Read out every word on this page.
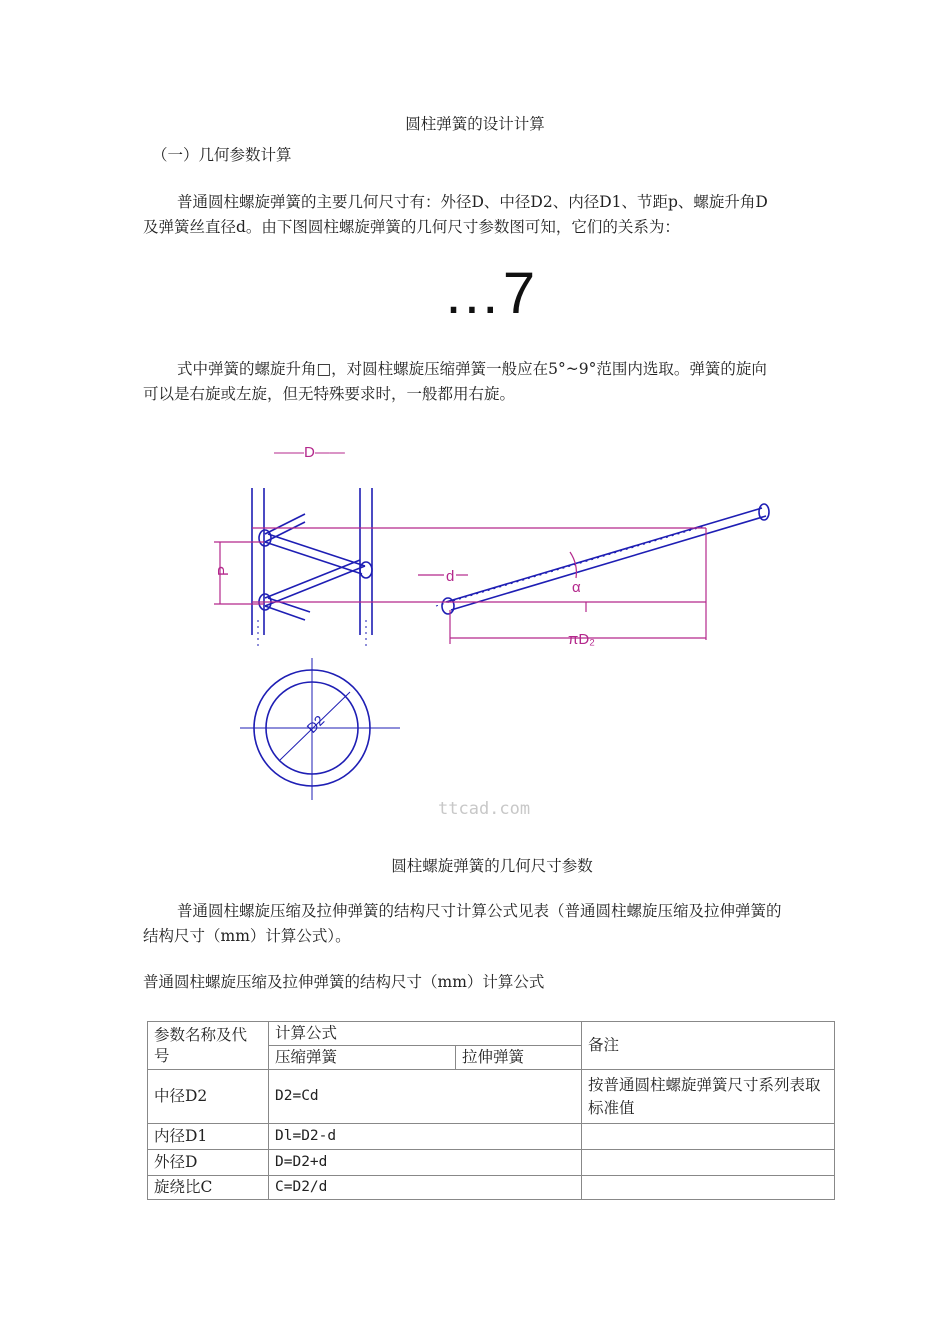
圆柱弹簧的设计计算
（一）几何参数计算
普通圆柱螺旋弹簧的主要几何尺寸有：外径D、中径D2、内径D1、节距p、螺旋升角D
及弹簧丝直径d。由下图圆柱螺旋弹簧的几何尺寸参数图可知，它们的关系为：
…7
式中弹簧的螺旋升角□，对圆柱螺旋压缩弹簧一般应在5°~9°范围内选取。弹簧的旋向
可以是右旋或左旋，但无特殊要求时，一般都用右旋。
——D——
P	d
α
πD₂
D2
ttcad.com
圆柱螺旋弹簧的几何尺寸参数
普通圆柱螺旋压缩及拉伸弹簧的结构尺寸计算公式见表（普通圆柱螺旋压缩及拉伸弹簧的
结构尺寸（mm）计算公式）。
普通圆柱螺旋压缩及拉伸弹簧的结构尺寸（mm）计算公式
参数名称及代号	计算公式		备注
	压缩弹簧	拉伸弹簧	
中径D2	D2=Cd		按普通圆柱螺旋弹簧尺寸系列表取标准值
内径D1	Dl=D2-d		
外径D	D=D2+d		
旋绕比C	C=D2/d		
